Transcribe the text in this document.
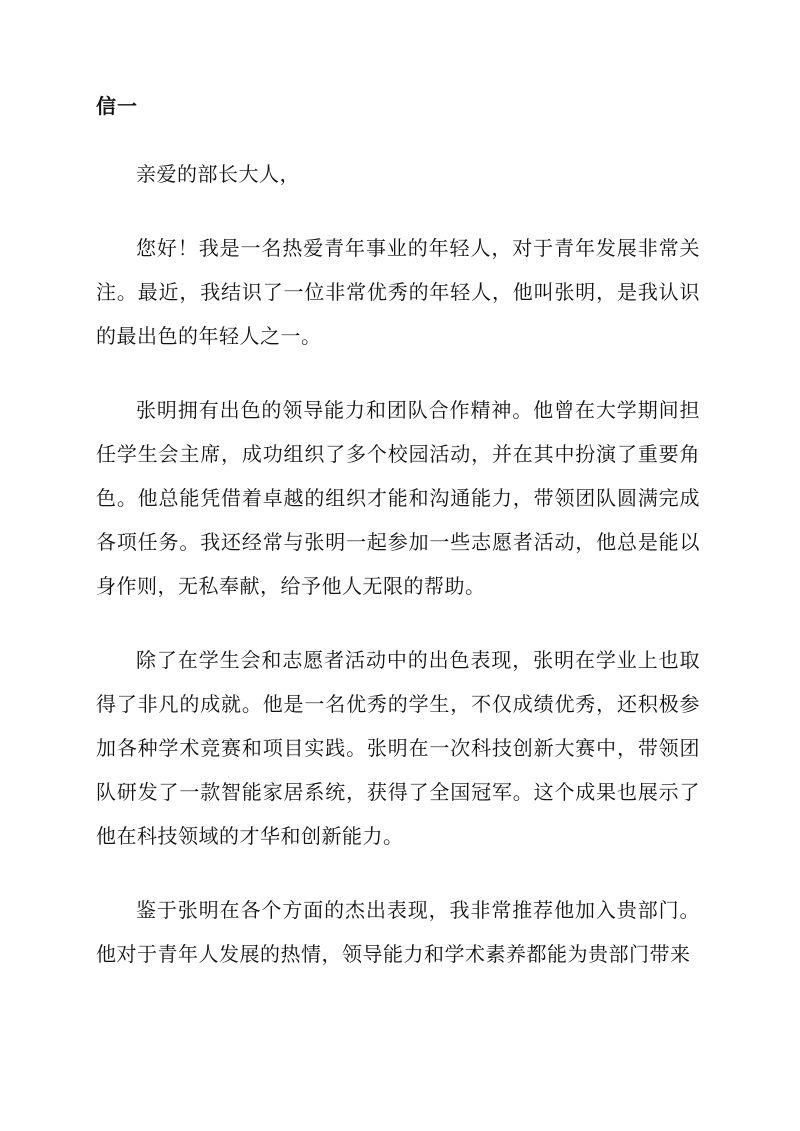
信一

亲爱的部长大人，

您好！我是一名热爱青年事业的年轻人，对于青年发展非常关注。最近，我结识了一位非常优秀的年轻人，他叫张明，是我认识的最出色的年轻人之一。

张明拥有出色的领导能力和团队合作精神。他曾在大学期间担任学生会主席，成功组织了多个校园活动，并在其中扮演了重要角色。他总能凭借着卓越的组织才能和沟通能力，带领团队圆满完成各项任务。我还经常与张明一起参加一些志愿者活动，他总是能以身作则，无私奉献，给予他人无限的帮助。

除了在学生会和志愿者活动中的出色表现，张明在学业上也取得了非凡的成就。他是一名优秀的学生，不仅成绩优秀，还积极参加各种学术竞赛和项目实践。张明在一次科技创新大赛中，带领团队研发了一款智能家居系统，获得了全国冠军。这个成果也展示了他在科技领域的才华和创新能力。

鉴于张明在各个方面的杰出表现，我非常推荐他加入贵部门。他对于青年人发展的热情，领导能力和学术素养都能为贵部门带来
